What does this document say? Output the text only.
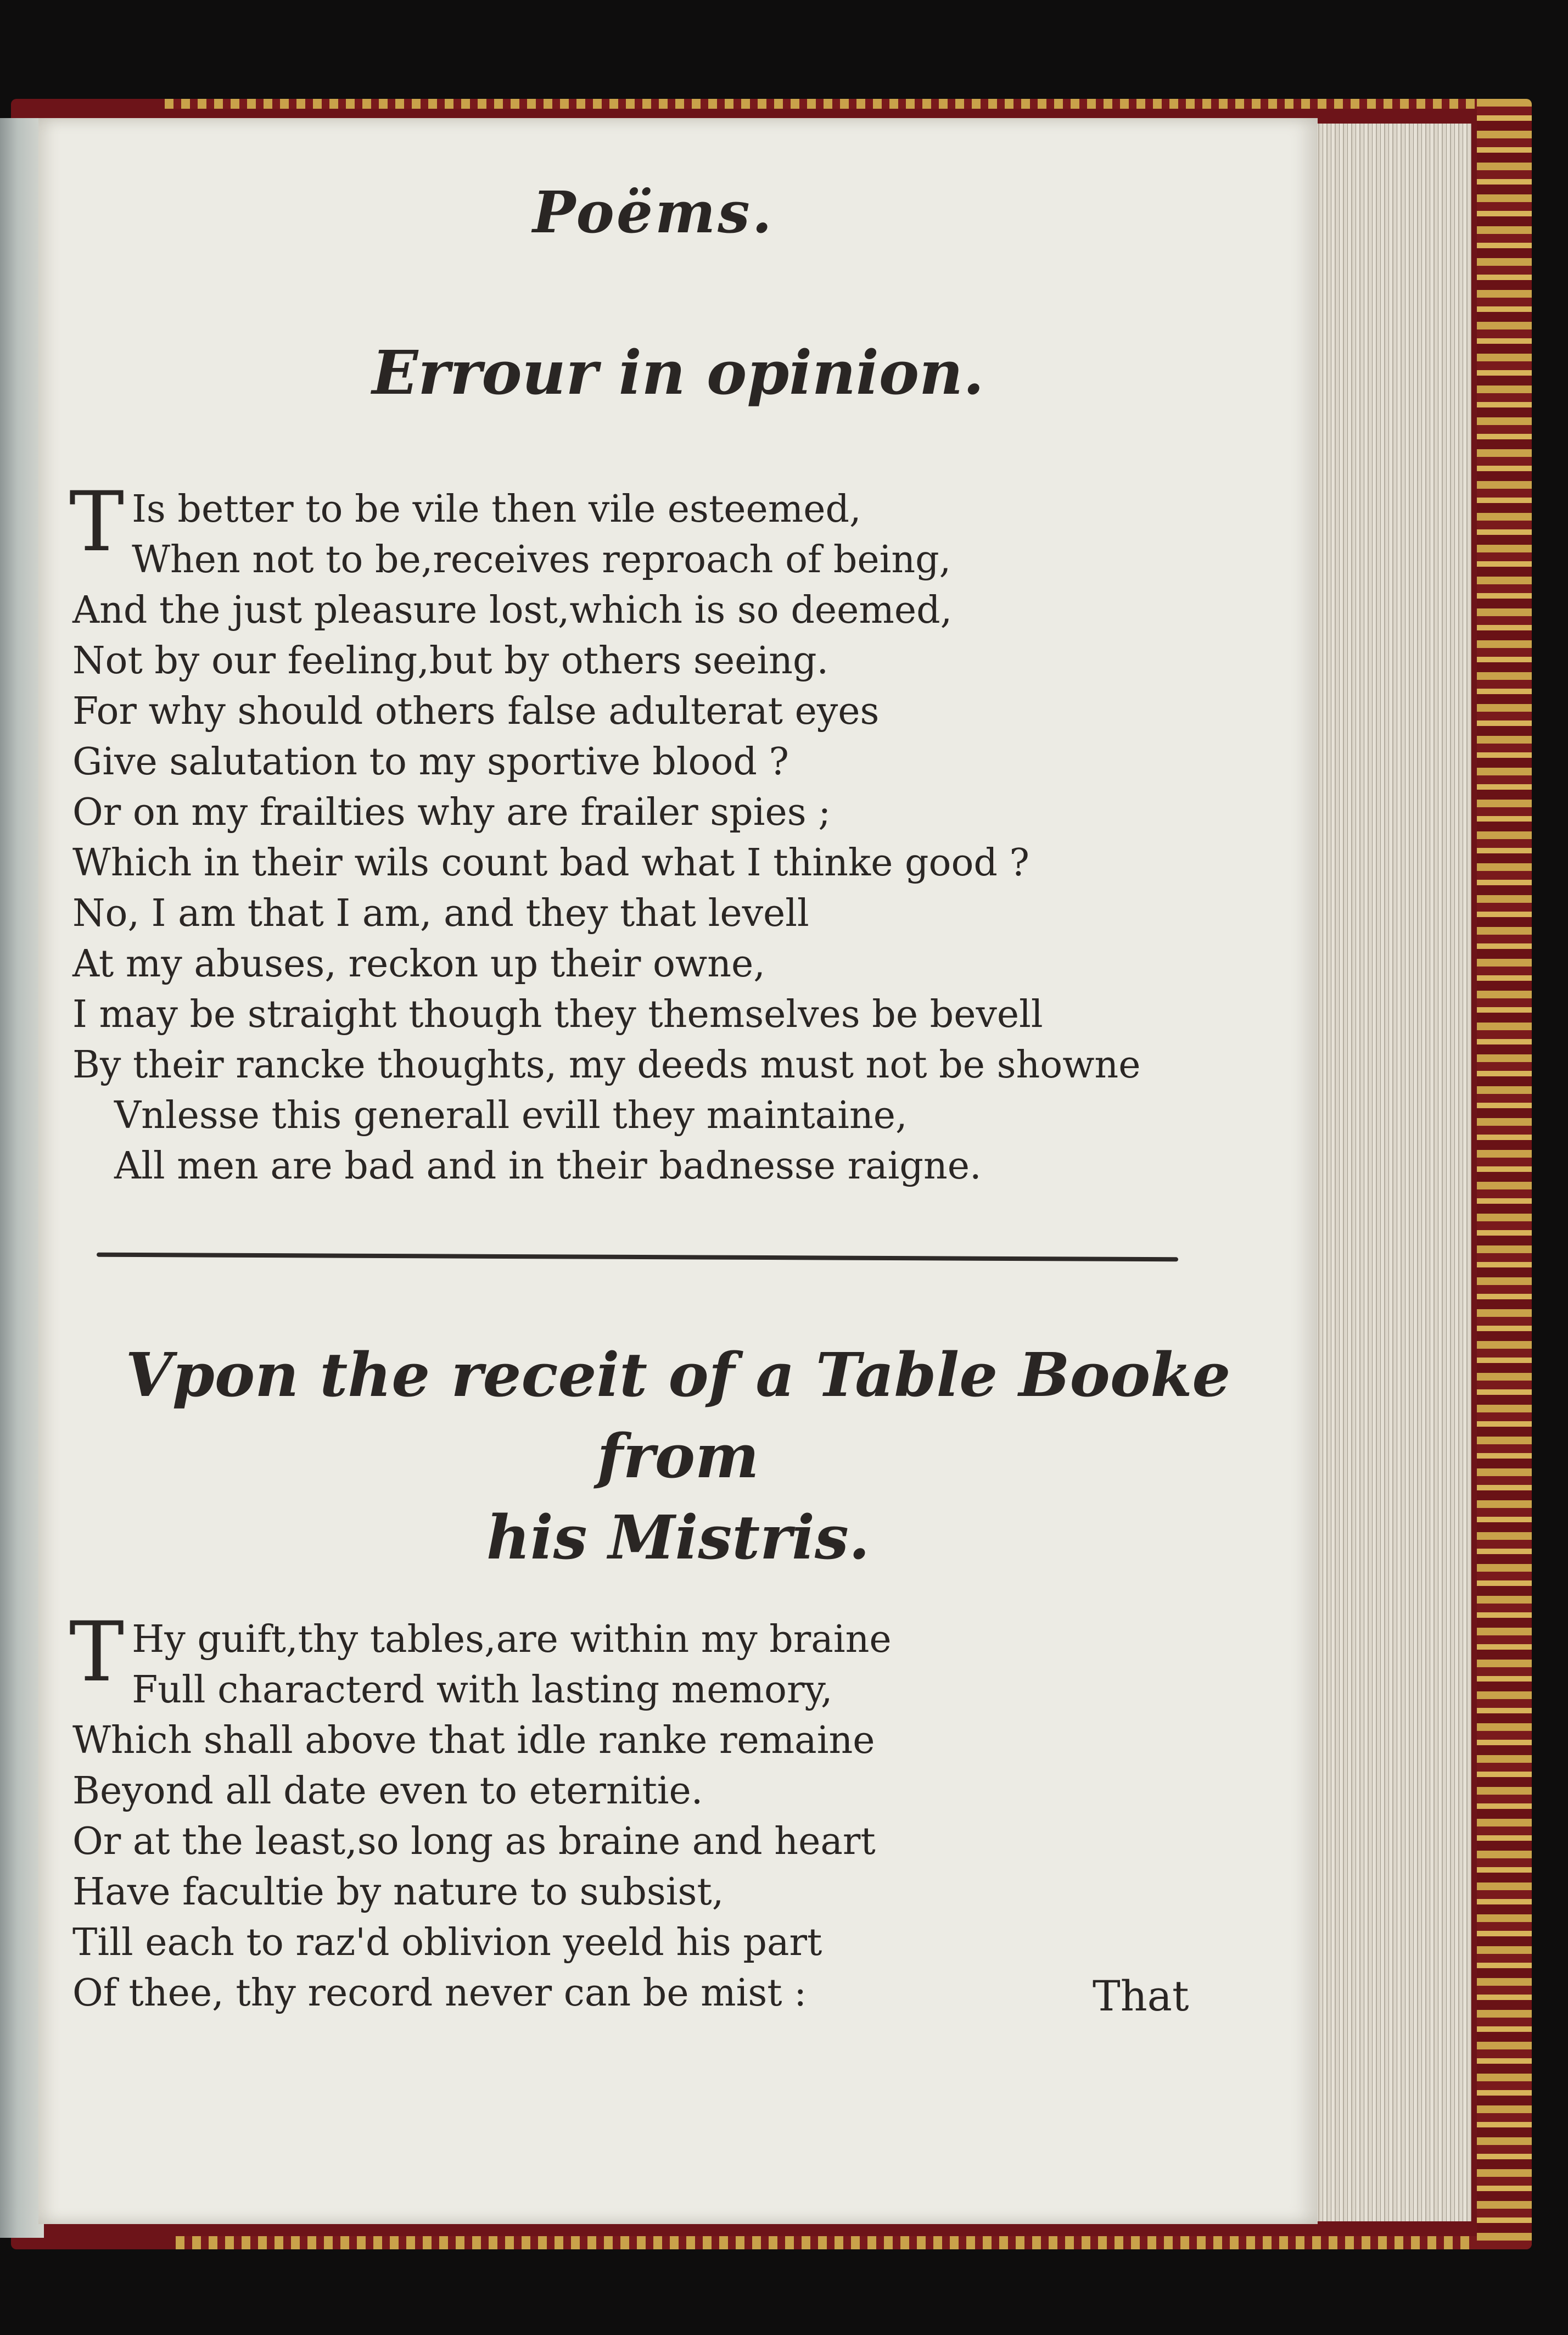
Poëms.
Errour in opinion.
T Is better to be vile then vile esteemed,
When not to be,receives reproach of being,
And the just pleasure lost,which is so deemed,
Not by our feeling,but by others seeing.
For why should others false adulterat eyes
Give salutation to my sportive blood ?
Or on my frailties why are frailer spies ;
Which in their wils count bad what I thinke good ?
No, I am that I am, and they that levell
At my abuses, reckon up their owne,
I may be straight though they themselves be bevell
By their rancke thoughts, my deeds must not be showne
Vnlesse this generall evill they maintaine,
All men are bad and in their badnesse raigne.
Vpon the receit of a Table Booke from
his Mistris.
T Hy guift,thy tables,are within my braine
Full characterd with lasting memory,
Which shall above that idle ranke remaine
Beyond all date even to eternitie.
Or at the least,so long as braine and heart
Have facultie by nature to subsist,
Till each to raz'd oblivion yeeld his part
Of thee, thy record never can be mist :	That
